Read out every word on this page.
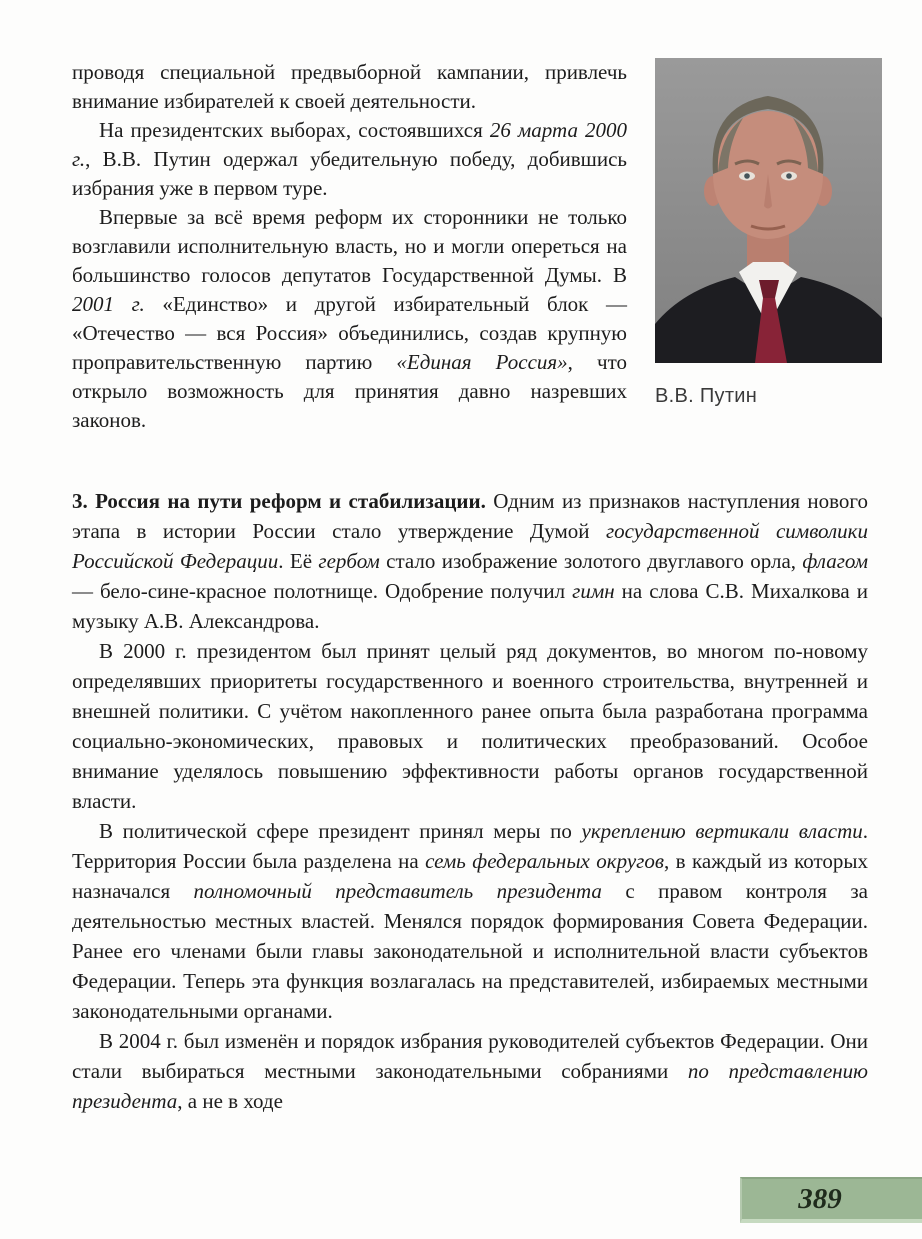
проводя специальной предвыборной кампании, привлечь внимание избирателей к своей деятельности.

На президентских выборах, состоявшихся 26 марта 2000 г., В.В. Путин одержал убедительную победу, добившись избрания уже в первом туре.

Впервые за всё время реформ их сторонники не только возглавили исполнительную власть, но и могли опереться на большинство голосов депутатов Государственной Думы. В 2001 г. «Единство» и другой избирательный блок — «Отечество — вся Россия» объединились, создав крупную проправительственную партию «Единая Россия», что открыло возможность для принятия давно назревших законов.

В.В. Путин

3. Россия на пути реформ и стабилизации. Одним из признаков наступления нового этапа в истории России стало утверждение Думой государственной символики Российской Федерации. Её гербом стало изображение золотого двуглавого орла, флагом — бело-сине-красное полотнище. Одобрение получил гимн на слова С.В. Михалкова и музыку А.В. Александрова.

В 2000 г. президентом был принят целый ряд документов, во многом по-новому определявших приоритеты государственного и военного строительства, внутренней и внешней политики. С учётом накопленного ранее опыта была разработана программа социально-экономических, правовых и политических преобразований. Особое внимание уделялось повышению эффективности работы органов государственной власти.

В политической сфере президент принял меры по укреплению вертикали власти. Территория России была разделена на семь федеральных округов, в каждый из которых назначался полномочный представитель президента с правом контроля за деятельностью местных властей. Менялся порядок формирования Совета Федерации. Ранее его членами были главы законодательной и исполнительной власти субъектов Федерации. Теперь эта функция возлагалась на представителей, избираемых местными законодательными органами.

В 2004 г. был изменён и порядок избрания руководителей субъектов Федерации. Они стали выбираться местными законодательными собраниями по представлению президента, а не в ходе

389
